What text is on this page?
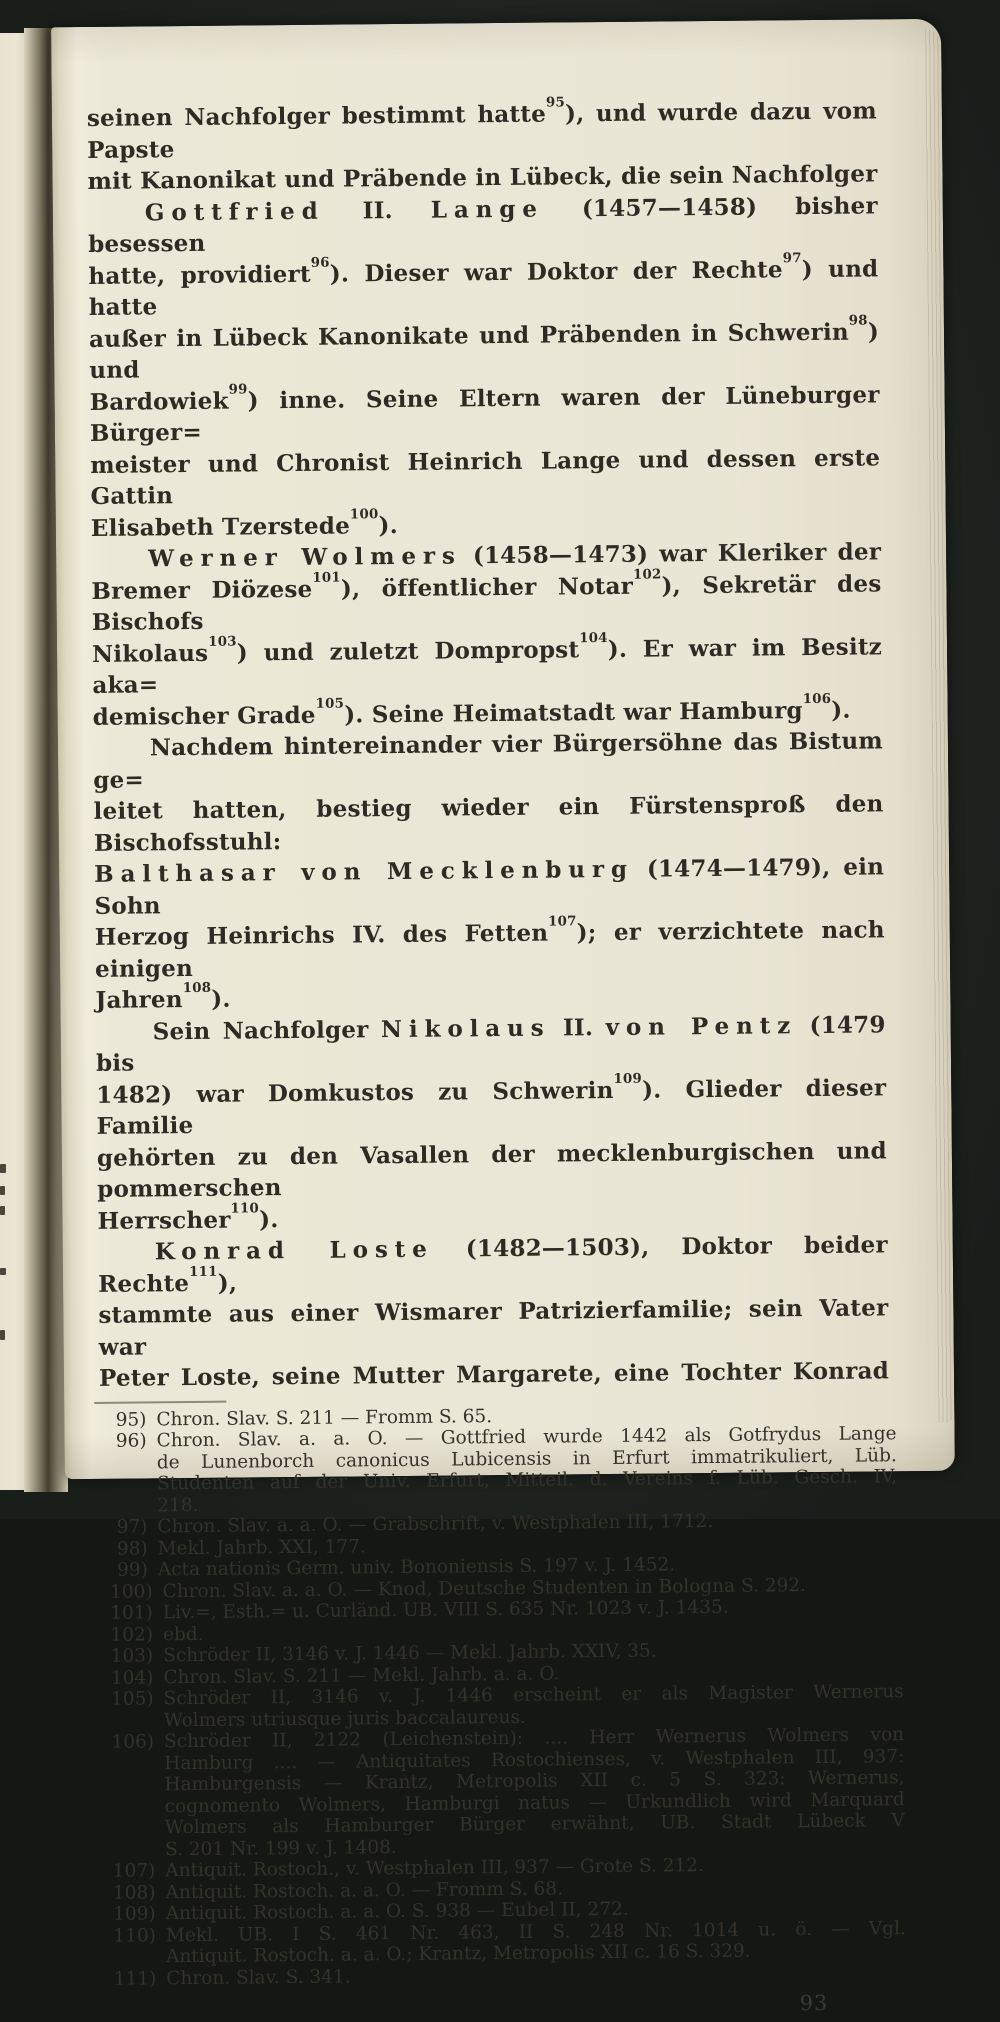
seinen Nachfolger bestimmt hatte$^{95}$), und wurde dazu vom Papste
mit Kanonikat und Präbende in Lübeck, die sein Nachfolger
Gottfried II. Lange (1457—1458) bisher besessen
hatte, providiert$^{96}$). Dieser war Doktor der Rechte$^{97}$) und hatte
außer in Lübeck Kanonikate und Präbenden in Schwerin$^{98}$) und
Bardowiek$^{99}$) inne. Seine Eltern waren der Lüneburger Bürger=
meister und Chronist Heinrich Lange und dessen erste Gattin
Elisabeth Tzerstede$^{100}$).
Werner Wolmers (1458—1473) war Kleriker der
Bremer Diözese$^{101}$), öffentlicher Notar$^{102}$), Sekretär des Bischofs
Nikolaus$^{103}$) und zuletzt Dompropst$^{104}$). Er war im Besitz aka=
demischer Grade$^{105}$). Seine Heimatstadt war Hamburg$^{106}$).
Nachdem hintereinander vier Bürgersöhne das Bistum ge=
leitet hatten, bestieg wieder ein Fürstensproß den Bischofsstuhl:
Balthasar von Mecklenburg (1474—1479), ein Sohn
Herzog Heinrichs IV. des Fetten$^{107}$); er verzichtete nach einigen
Jahren$^{108}$).
Sein Nachfolger Nikolaus II. von Pentz (1479 bis
1482) war Domkustos zu Schwerin$^{109}$). Glieder dieser Familie
gehörten zu den Vasallen der mecklenburgischen und pommerschen
Herrscher$^{110}$).
Konrad Loste (1482—1503), Doktor beider Rechte$^{111}$),
stammte aus einer Wismarer Patrizierfamilie; sein Vater war
Peter Loste, seine Mutter Margarete, eine Tochter Konrad
95) Chron. Slav. S. 211 — Fromm S. 65.
96) Chron. Slav. a. a. O. — Gottfried wurde 1442 als Gotfrydus Lange
de Lunenborch canonicus Lubicensis in Erfurt immatrikuliert, Lüb.
Studenten auf der Univ. Erfurt, Mitteil. d. Vereins f. Lüb. Gesch. IV,
218.
97) Chron. Slav. a. a. O. — Grabschrift, v. Westphalen III, 1712.
98) Mekl. Jahrb. XXI, 177.
99) Acta nationis Germ. univ. Bononiensis S. 197 v. J. 1452.
100) Chron. Slav. a. a. O. — Knod, Deutsche Studenten in Bologna S. 292.
101) Liv.=, Esth.= u. Curländ. UB. VIII S. 635 Nr. 1023 v. J. 1435.
102) ebd.
103) Schröder II, 3146 v. J. 1446 — Mekl. Jahrb. XXIV, 35.
104) Chron. Slav. S. 211 — Mekl. Jahrb. a. a. O.
105) Schröder II, 3146 v. J. 1446 erscheint er als Magister Wernerus
Wolmers utriusque juris baccalaureus.
106) Schröder II, 2122 (Leichenstein): .... Herr Wernerus Wolmers von
Hamburg .... — Antiquitates Rostochienses, v. Westphalen III, 937:
Hamburgensis — Krantz, Metropolis XII c. 5 S. 323: Wernerus,
cognomento Wolmers, Hamburgi natus — Urkundlich wird Marquard
Wolmers als Hamburger Bürger erwähnt, UB. Stadt Lübeck V
S. 201 Nr. 199 v. J. 1408.
107) Antiquit. Rostoch., v. Westphalen III, 937 — Grote S. 212.
108) Antiquit. Rostoch. a. a. O. — Fromm S. 68.
109) Antiquit. Rostoch. a. a. O. S. 938 — Eubel II, 272.
110) Mekl. UB. I S. 461 Nr. 463, II S. 248 Nr. 1014 u. ö. — Vgl.
Antiquit. Rostoch. a. a. O.; Krantz, Metropolis XII c. 16 S. 329.
111) Chron. Slav. S. 341.
93
